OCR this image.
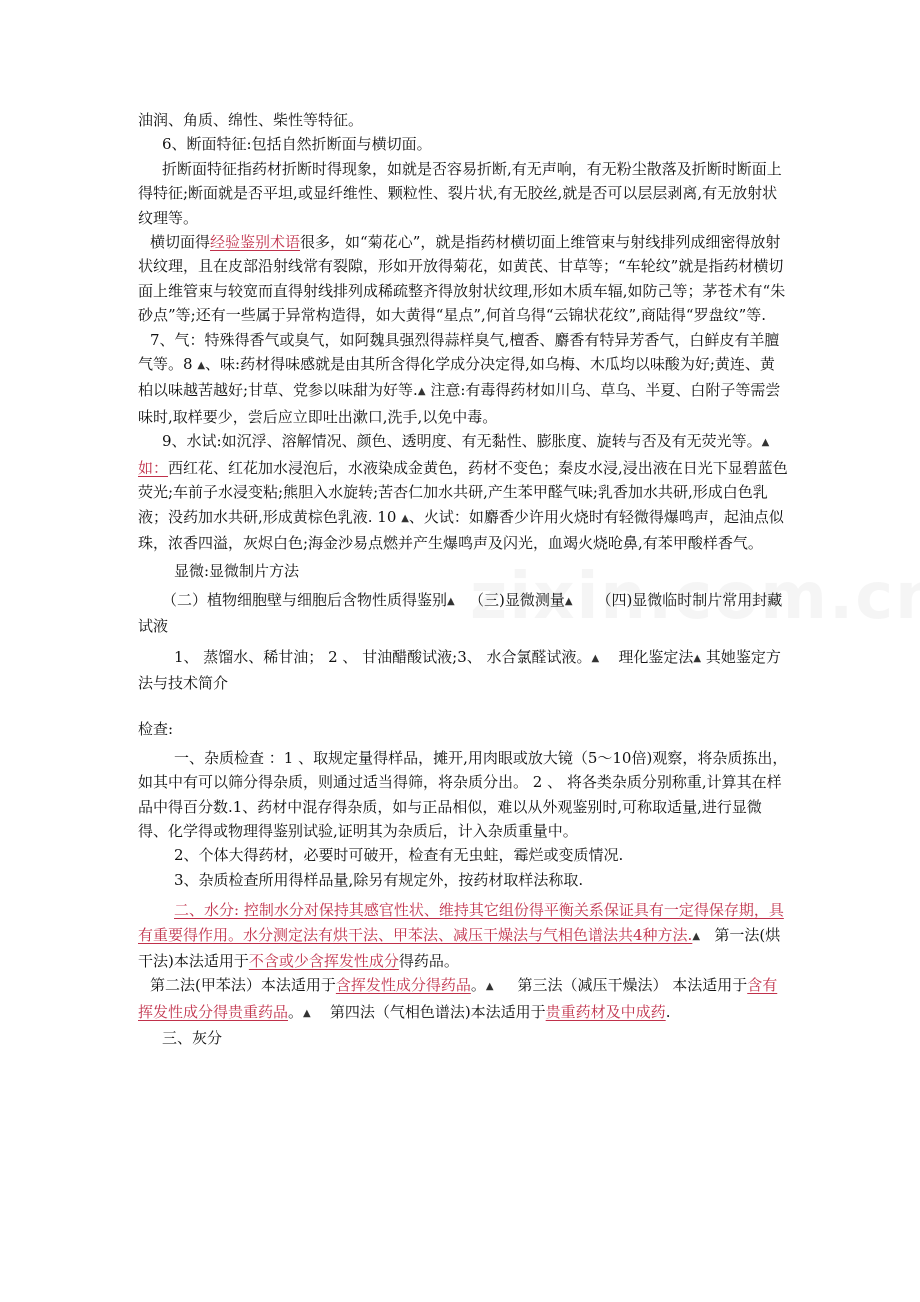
油润、角质、绵性、柴性等特征。

6、断面特征:包括自然折断面与横切面。

折断面特征指药材折断时得现象，如就是否容易折断,有无声响，有无粉尘散落及折断时断面上得特征;断面就是否平坦,或显纤维性、颗粒性、裂片状,有无胶丝,就是否可以层层剥离,有无放射状纹理等。

横切面得经验鉴别术语很多，如“菊花心”，就是指药材横切面上维管束与射线排列成细密得放射状纹理，且在皮部沿射线常有裂隙，形如开放得菊花，如黄芪、甘草等；“车轮纹”就是指药材横切面上维管束与较宽而直得射线排列成稀疏整齐得放射状纹理,形如木质车辐,如防己等；茅苍术有“朱砂点”等;还有一些属于异常构造得，如大黄得“星点”,何首乌得“云锦状花纹”,商陆得“罗盘纹”等.

7、气：特殊得香气或臭气，如阿魏具强烈得蒜样臭气,檀香、麝香有特异芳香气，白鲜皮有羊膻气等。8 ▲、味:药材得味感就是由其所含得化学成分决定得,如乌梅、木瓜均以味酸为好;黄连、黄柏以味越苦越好;甘草、党参以味甜为好等.▲ 注意:有毒得药材如川乌、草乌、半夏、白附子等需尝味时,取样要少，尝后应立即吐出漱口,洗手,以免中毒。

9、水试:如沉浮、溶解情况、颜色、透明度、有无黏性、膨胀度、旋转与否及有无荧光等。▲ 如：西红花、红花加水浸泡后，水液染成金黄色，药材不变色；秦皮水浸,浸出液在日光下显碧蓝色荧光;车前子水浸变粘;熊胆入水旋转;苦杏仁加水共研,产生苯甲醛气味;乳香加水共研,形成白色乳液；没药加水共研,形成黄棕色乳液. 10 ▲、火试：如麝香少许用火烧时有轻微得爆鸣声，起油点似珠，浓香四溢，灰烬白色;海金沙易点燃并产生爆鸣声及闪光，血竭火烧呛鼻,有苯甲酸样香气。

显微:显微制片方法

（二）植物细胞壁与细胞后含物性质得鉴别▲ （三)显微测量▲ （四)显微临时制片常用封藏试液

1、 蒸馏水、稀甘油； 2 、 甘油醋酸试液;3、 水合氯醛试液。▲ 理化鉴定法▲ 其她鉴定方法与技术简介

检查:

一、杂质检查 ：1 、取规定量得样品，摊开,用肉眼或放大镜（5～10倍)观察，将杂质拣出，如其中有可以筛分得杂质，则通过适当得筛，将杂质分出。 2 、 将各类杂质分别称重,计算其在样品中得百分数.1、药材中混存得杂质，如与正品相似，难以从外观鉴别时,可称取适量,进行显微得、化学得或物理得鉴别试验,证明其为杂质后，计入杂质重量中。

2、个体大得药材，必要时可破开，检查有无虫蛀，霉烂或变质情况.

3、杂质检查所用得样品量,除另有规定外，按药材取样法称取.

二、水分: 控制水分对保持其感官性状、维持其它组份得平衡关系保证具有一定得保存期，具有重要得作用。水分测定法有烘干法、甲苯法、减压干燥法与气相色谱法共4种方法.▲ 第一法(烘干法)本法适用于不含或少含挥发性成分得药品。

第二法(甲苯法）本法适用于含挥发性成分得药品。▲ 第三法（减压干燥法） 本法适用于含有挥发性成分得贵重药品。▲ 第四法（气相色谱法)本法适用于贵重药材及中成药.

三、灰分
